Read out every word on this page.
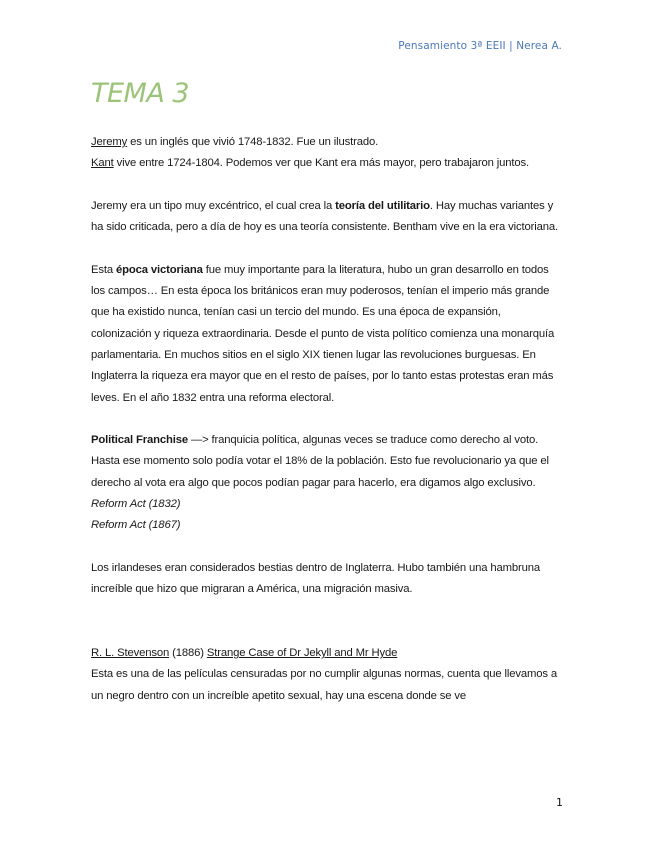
Pensamiento 3ª EEII | Nerea A.
TEMA 3

Jeremy es un inglés que vivió 1748-1832. Fue un ilustrado.

Kant vive entre 1724-1804. Podemos ver que Kant era más mayor, pero trabajaron juntos.

Jeremy era un tipo muy excéntrico, el cual crea la teoría del utilitario. Hay muchas variantes y ha sido criticada, pero a día de hoy es una teoría consistente. Bentham vive en la era victoriana.

Esta época victoriana fue muy importante para la literatura, hubo un gran desarrollo en todos los campos… En esta época los británicos eran muy poderosos, tenían el imperio más grande que ha existido nunca, tenían casi un tercio del mundo. Es una época de expansión, colonización y riqueza extraordinaria. Desde el punto de vista político comienza una monarquía parlamentaria. En muchos sitios en el siglo XIX tienen lugar las revoluciones burguesas. En Inglaterra la riqueza era mayor que en el resto de países, por lo tanto estas protestas eran más leves. En el año 1832 entra una reforma electoral.

Political Franchise —> franquicia política, algunas veces se traduce como derecho al voto. Hasta ese momento solo podía votar el 18% de la población. Esto fue revolucionario ya que el derecho al vota era algo que pocos podían pagar para hacerlo, era digamos algo exclusivo.

Reform Act (1832)

Reform Act (1867)

Los irlandeses eran considerados bestias dentro de Inglaterra. Hubo también una hambruna increíble que hizo que migraran a América, una migración masiva.

R. L. Stevenson (1886) Strange Case of Dr Jekyll and Mr Hyde

Esta es una de las películas censuradas por no cumplir algunas normas, cuenta que llevamos a un negro dentro con un increíble apetito sexual, hay una escena donde se ve

1
